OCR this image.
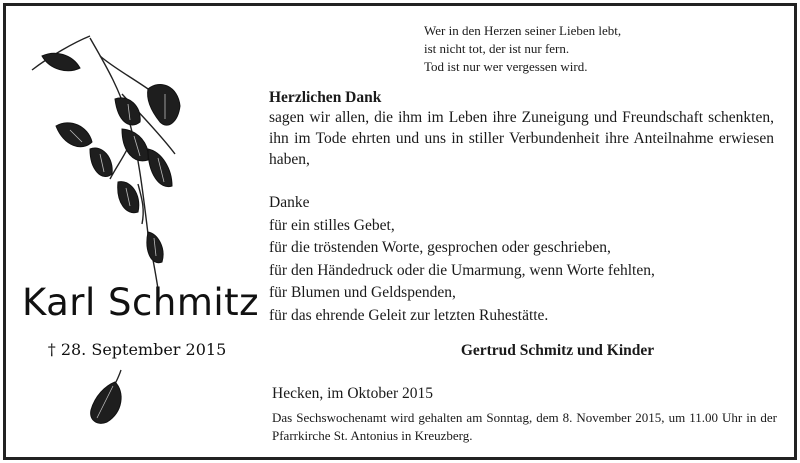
Karl Schmitz
† 28. September 2015
Wer in den Herzen seiner Lieben lebt,
ist nicht tot, der ist nur fern.
Tod ist nur wer vergessen wird.
Herzlichen Dank
sagen wir allen, die ihm im Leben ihre Zuneigung und Freundschaft schenkten, ihn im Tode ehrten und uns in stiller Verbundenheit ihre Anteilnahme erwiesen haben,
Danke
für ein stilles Gebet,
für die tröstenden Worte, gesprochen oder geschrieben,
für den Händedruck oder die Umarmung, wenn Worte fehlten,
für Blumen und Geldspenden,
für das ehrende Geleit zur letzten Ruhestätte.
Gertrud Schmitz und Kinder
Hecken, im Oktober 2015
Das Sechswochenamt wird gehalten am Sonntag, dem 8. November 2015, um 11.00 Uhr in der Pfarrkirche St. Antonius in Kreuzberg.
